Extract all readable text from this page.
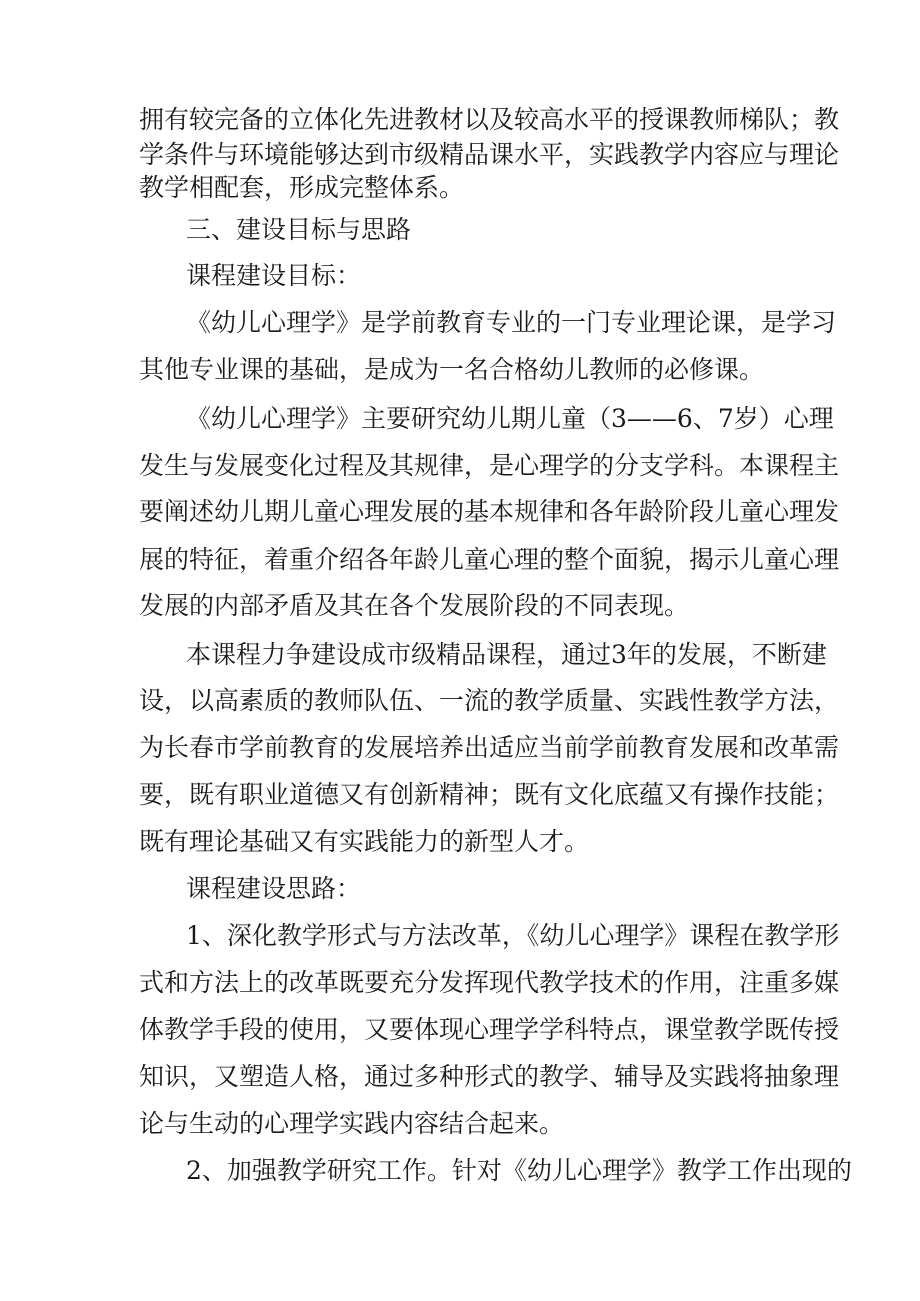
拥有较完备的立体化先进教材以及较高水平的授课教师梯队；教
学条件与环境能够达到市级精品课水平，实践教学内容应与理论
教学相配套，形成完整体系。
三、建设目标与思路
课程建设目标：
《幼儿心理学》是学前教育专业的一门专业理论课，是学习
其他专业课的基础，是成为一名合格幼儿教师的必修课。
《幼儿心理学》主要研究幼儿期儿童（3——6、7岁）心理
发生与发展变化过程及其规律，是心理学的分支学科。本课程主
要阐述幼儿期儿童心理发展的基本规律和各年龄阶段儿童心理发
展的特征，着重介绍各年龄儿童心理的整个面貌，揭示儿童心理
发展的内部矛盾及其在各个发展阶段的不同表现。
本课程力争建设成市级精品课程，通过3年的发展，不断建
设，以高素质的教师队伍、一流的教学质量、实践性教学方法，
为长春市学前教育的发展培养出适应当前学前教育发展和改革需
要，既有职业道德又有创新精神；既有文化底蕴又有操作技能；
既有理论基础又有实践能力的新型人才。
课程建设思路：
1、深化教学形式与方法改革，《幼儿心理学》课程在教学形
式和方法上的改革既要充分发挥现代教学技术的作用，注重多媒
体教学手段的使用，又要体现心理学学科特点，课堂教学既传授
知识，又塑造人格，通过多种形式的教学、辅导及实践将抽象理
论与生动的心理学实践内容结合起来。
2、加强教学研究工作。针对《幼儿心理学》教学工作出现的
